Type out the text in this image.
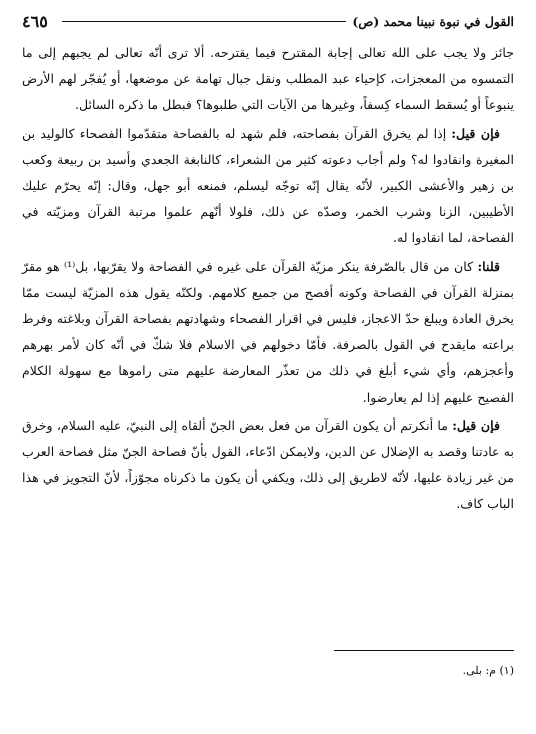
٤٦٥	القول في نبوة نبينا محمد (ص)

جائز ولا يجب على الله تعالى إجابة المقترح فيما يقترحه. ألا ترى أنّه تعالى لم يجبهم إلى ما التمسوه من المعجزات، كإحياء عبد المطلب ونقل جبال تهامة عن موضعها، أو يُفجّر لهم الأرض ينبوعاً أو يُسقط السماء كِسفاً، وغيرها من الآيات التي طلبوها؟ فبطل ما ذكره السائل.

فإن قيل: إذا لم يخرق القرآن بفصاحته، فلم شهد له بالفصاحة متقدّموا الفصحاء كالوليد بن المغيرة وانقادوا له؟ ولم أجاب دعوته كثير من الشعراء، كالنابغة الجعدي وأسيد بن ربيعة وكعب بن زهير والأعشى الكبير، لأنّه يقال إنّه توجّه ليسلم، فمنعه أبو جهل، وقال: إنّه يحرّم عليك الأطيبين، الزنا وشرب الخمر، وصدّه عن ذلك، فلولا أنّهم علموا مرتبة القرآن ومزيّته في الفصاحة، لما انقادوا له.

قلنا: كان من قال بالصّرفة ينكر مزيّة القرآن على غيره في الفصاحة ولا يقرّبها، بل⁽¹⁾ هو مقرّ بمنزلة القرآن في الفصاحة وكونه أفصح من جميع كلامهم. ولكنّه يقول هذه المزيّة ليست ممّا يخرق العادة ويبلغ حدّ الاعجاز، فليس في اقرار الفصحاء وشهادتهم بفصاحة القرآن وبلاغته وفرط براعته مايقدح في القول بالصرفة. فأمّا دخولهم في الاسلام فلا شكّ في أنّه كان لأمر بهرهم وأعجزهم، وأي شيء أبلغ في ذلك من تعذّر المعارضة عليهم متى راموها مع سهولة الكلام الفصيح عليهم إذا لم يعارضوا.

فإن قيل: ما أنكرتم أن يكون القرآن من فعل بعض الجنّ ألقاه إلى النبيّ، عليه السلام، وخرق به عادتنا وقصد به الإضلال عن الدين، ولايمكن ادّعاء، القول بأنّ فصاحة الجنّ مثل فصاحة العرب من غير زيادة عليها، لأنّه لاطريق إلى ذلك، ويكفي أن يكون ما ذكرناه مجوّزاً، لأنّ التجويز في هذا الباب كاف.

(١) م: بلى.
